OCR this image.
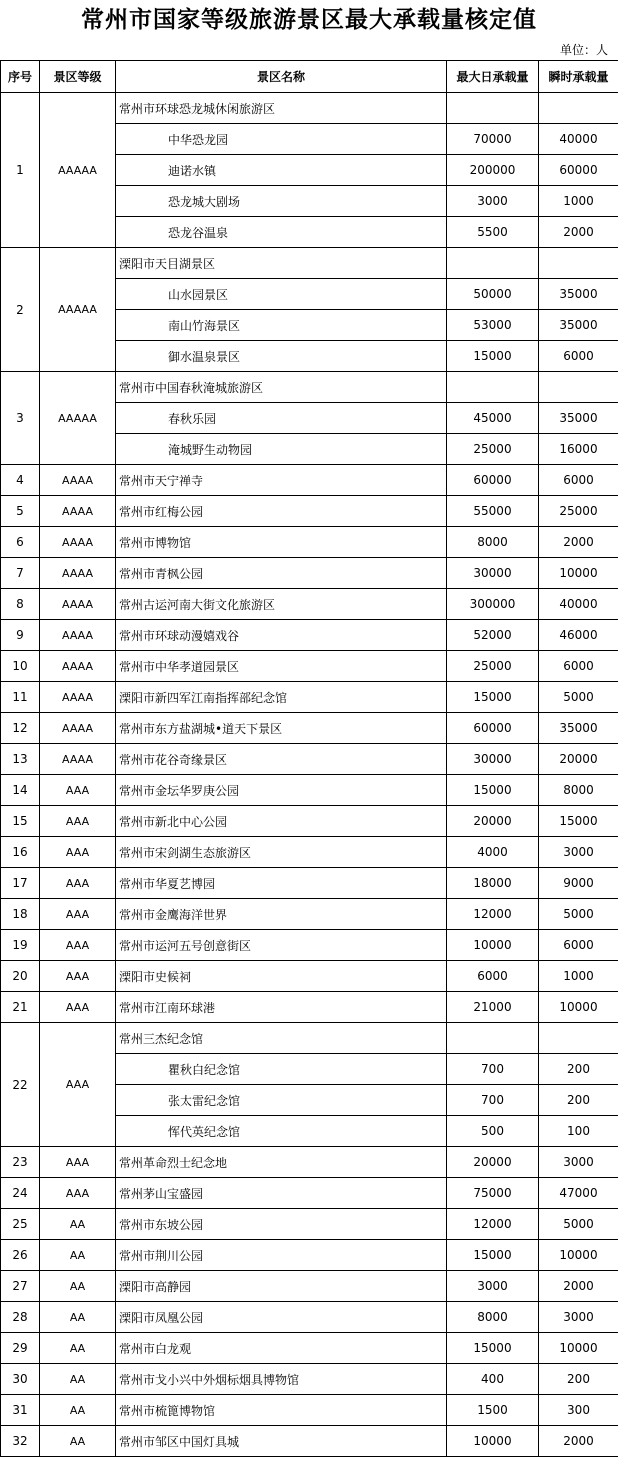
常州市国家等级旅游景区最大承载量核定值
单位：人
序号	景区等级	景区名称	最大日承载量	瞬时承载量
1	AAAAA	常州市环球恐龙城休闲旅游区		
		中华恐龙园	70000	40000
		迪诺水镇	200000	60000
		恐龙城大剧场	3000	1000
		恐龙谷温泉	5500	2000
2	AAAAA	溧阳市天目湖景区		
		山水园景区	50000	35000
		南山竹海景区	53000	35000
		御水温泉景区	15000	6000
3	AAAAA	常州市中国春秋淹城旅游区		
		春秋乐园	45000	35000
		淹城野生动物园	25000	16000
4	AAAA	常州市天宁禅寺	60000	6000
5	AAAA	常州市红梅公园	55000	25000
6	AAAA	常州市博物馆	8000	2000
7	AAAA	常州市青枫公园	30000	10000
8	AAAA	常州古运河南大街文化旅游区	300000	40000
9	AAAA	常州市环球动漫嬉戏谷	52000	46000
10	AAAA	常州市中华孝道园景区	25000	6000
11	AAAA	溧阳市新四军江南指挥部纪念馆	15000	5000
12	AAAA	常州市东方盐湖城•道天下景区	60000	35000
13	AAAA	常州市花谷奇缘景区	30000	20000
14	AAA	常州市金坛华罗庚公园	15000	8000
15	AAA	常州市新北中心公园	20000	15000
16	AAA	常州市宋剑湖生态旅游区	4000	3000
17	AAA	常州市华夏艺博园	18000	9000
18	AAA	常州市金鹰海洋世界	12000	5000
19	AAA	常州市运河五号创意街区	10000	6000
20	AAA	溧阳市史候祠	6000	1000
21	AAA	常州市江南环球港	21000	10000
22	AAA	常州三杰纪念馆		
		瞿秋白纪念馆	700	200
		张太雷纪念馆	700	200
		恽代英纪念馆	500	100
23	AAA	常州革命烈士纪念地	20000	3000
24	AAA	常州茅山宝盛园	75000	47000
25	AA	常州市东坡公园	12000	5000
26	AA	常州市荆川公园	15000	10000
27	AA	溧阳市高静园	3000	2000
28	AA	溧阳市凤凰公园	8000	3000
29	AA	常州市白龙观	15000	10000
30	AA	常州市戈小兴中外烟标烟具博物馆	400	200
31	AA	常州市梳篦博物馆	1500	300
32	AA	常州市邹区中国灯具城	10000	2000
